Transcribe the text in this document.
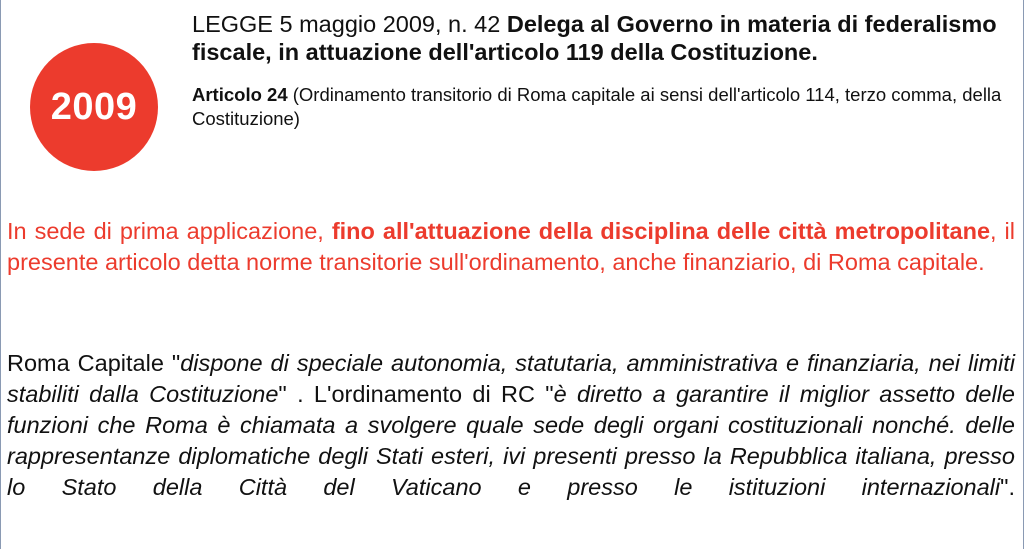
2009

LEGGE 5 maggio 2009, n. 42 Delega al Governo in materia di federalismo fiscale, in attuazione dell'articolo 119 della Costituzione.

Articolo 24 (Ordinamento transitorio di Roma capitale ai sensi dell'articolo 114, terzo comma, della Costituzione)

In sede di prima applicazione, fino all'attuazione della disciplina delle città metropolitane, il presente articolo detta norme transitorie sull'ordinamento, anche finanziario, di Roma capitale.

Roma Capitale "dispone di speciale autonomia, statutaria, amministrativa e finanziaria, nei limiti stabiliti dalla Costituzione" . L'ordinamento di RC "è diretto a garantire il miglior assetto delle funzioni che Roma è chiamata a svolgere quale sede degli organi costituzionali nonché. delle rappresentanze diplomatiche degli Stati esteri, ivi presenti presso la Repubblica italiana, presso lo Stato della Città del Vaticano e presso le istituzioni internazionali".
